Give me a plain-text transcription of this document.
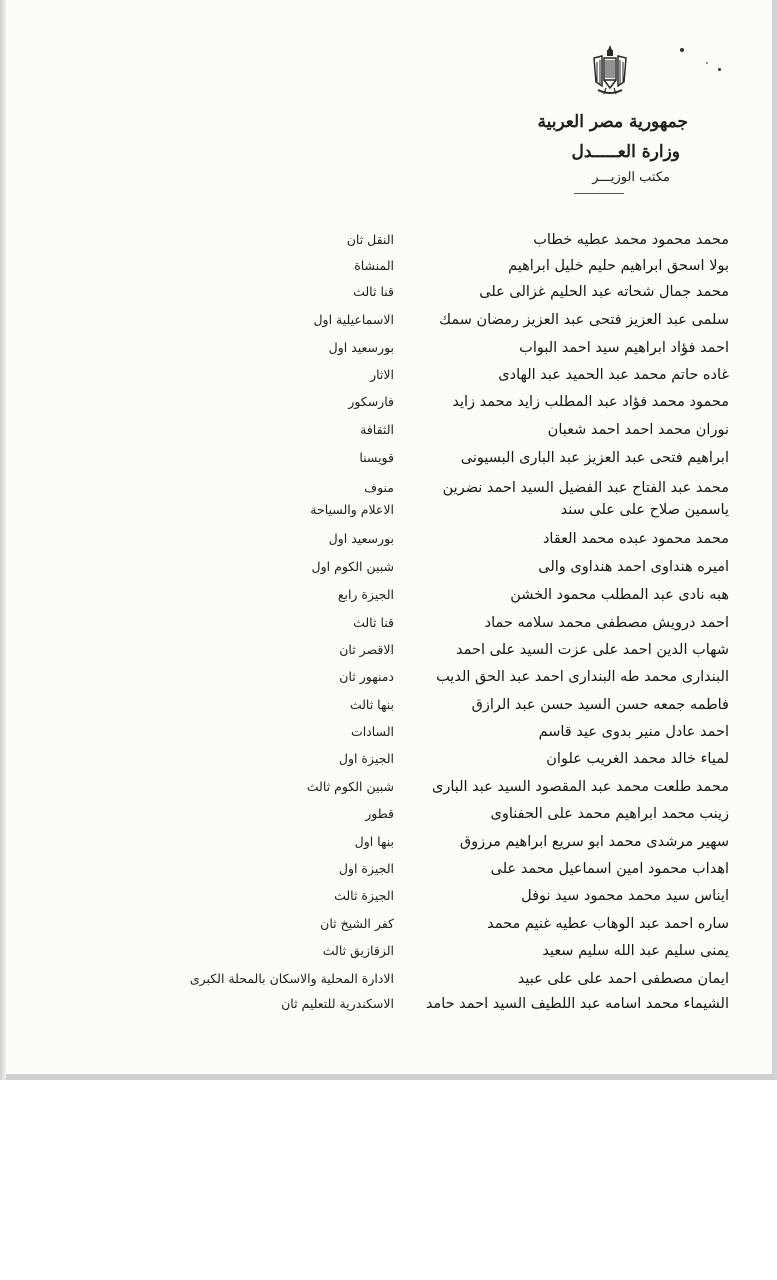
جمهورية مصر العربية
وزارة العـــــدل
مكتب الوزيـــر
محمد محمود محمد عطيه خطاب
النقل ثان
بولا اسحق ابراهيم حليم خليل ابراهيم
المنشاة
محمد جمال شحاته عبد الحليم غزالى على
قنا ثالث
سلمى عبد العزيز فتحى عبد العزيز رمضان سمك
الاسماعيلية اول
احمد فؤاد ابراهيم سيد احمد البواب
بورسعيد اول
غاده حاتم محمد عبد الحميد عبد الهادى
الاثار
محمود محمد فؤاد عبد المطلب زايد محمد زايد
فارسكور
نوران محمد احمد احمد شعبان
الثقافة
ابراهيم فتحى عبد العزيز عبد البارى البسيونى
قويسنا
محمد عبد الفتاح عبد الفضيل السيد احمد نضرين
منوف
ياسمين صلاح على على سند
الاعلام والسياحة
محمد محمود عبده محمد العقاد
بورسعيد اول
اميره هنداوى احمد هنداوى والى
شبين الكوم اول
هبه نادى عبد المطلب محمود الخشن
الجيزة رابع
احمد درويش مصطفى محمد سلامه حماد
قنا ثالث
شهاب الدين احمد على عزت السيد على احمد
الاقصر ثان
البندارى محمد طه البندارى احمد عبد الحق الديب
دمنهور ثان
فاطمه جمعه حسن السيد حسن عبد الرازق
بنها ثالث
احمد عادل منير بدوى عيد قاسم
السادات
لمياء خالد محمد الغريب علوان
الجيزة اول
محمد طلعت محمد عبد المقصود السيد عبد البارى
شبين الكوم ثالث
زينب محمد ابراهيم محمد على الحفناوى
قطور
سهير مرشدى محمد ابو سريع ابراهيم مرزوق
بنها اول
اهداب محمود امين اسماعيل محمد على
الجيزة اول
ايناس سيد محمد محمود سيد نوفل
الجيزة ثالث
ساره احمد عبد الوهاب عطيه غنيم محمد
كفر الشيخ ثان
يمنى سليم عبد الله سليم سعيد
الزقازيق ثالث
ايمان مصطفى احمد على على عبيد
الادارة المحلية والاسكان بالمحلة الكبرى
الشيماء محمد اسامه عبد اللطيف السيد احمد حامد
الاسكندرية للتعليم ثان
